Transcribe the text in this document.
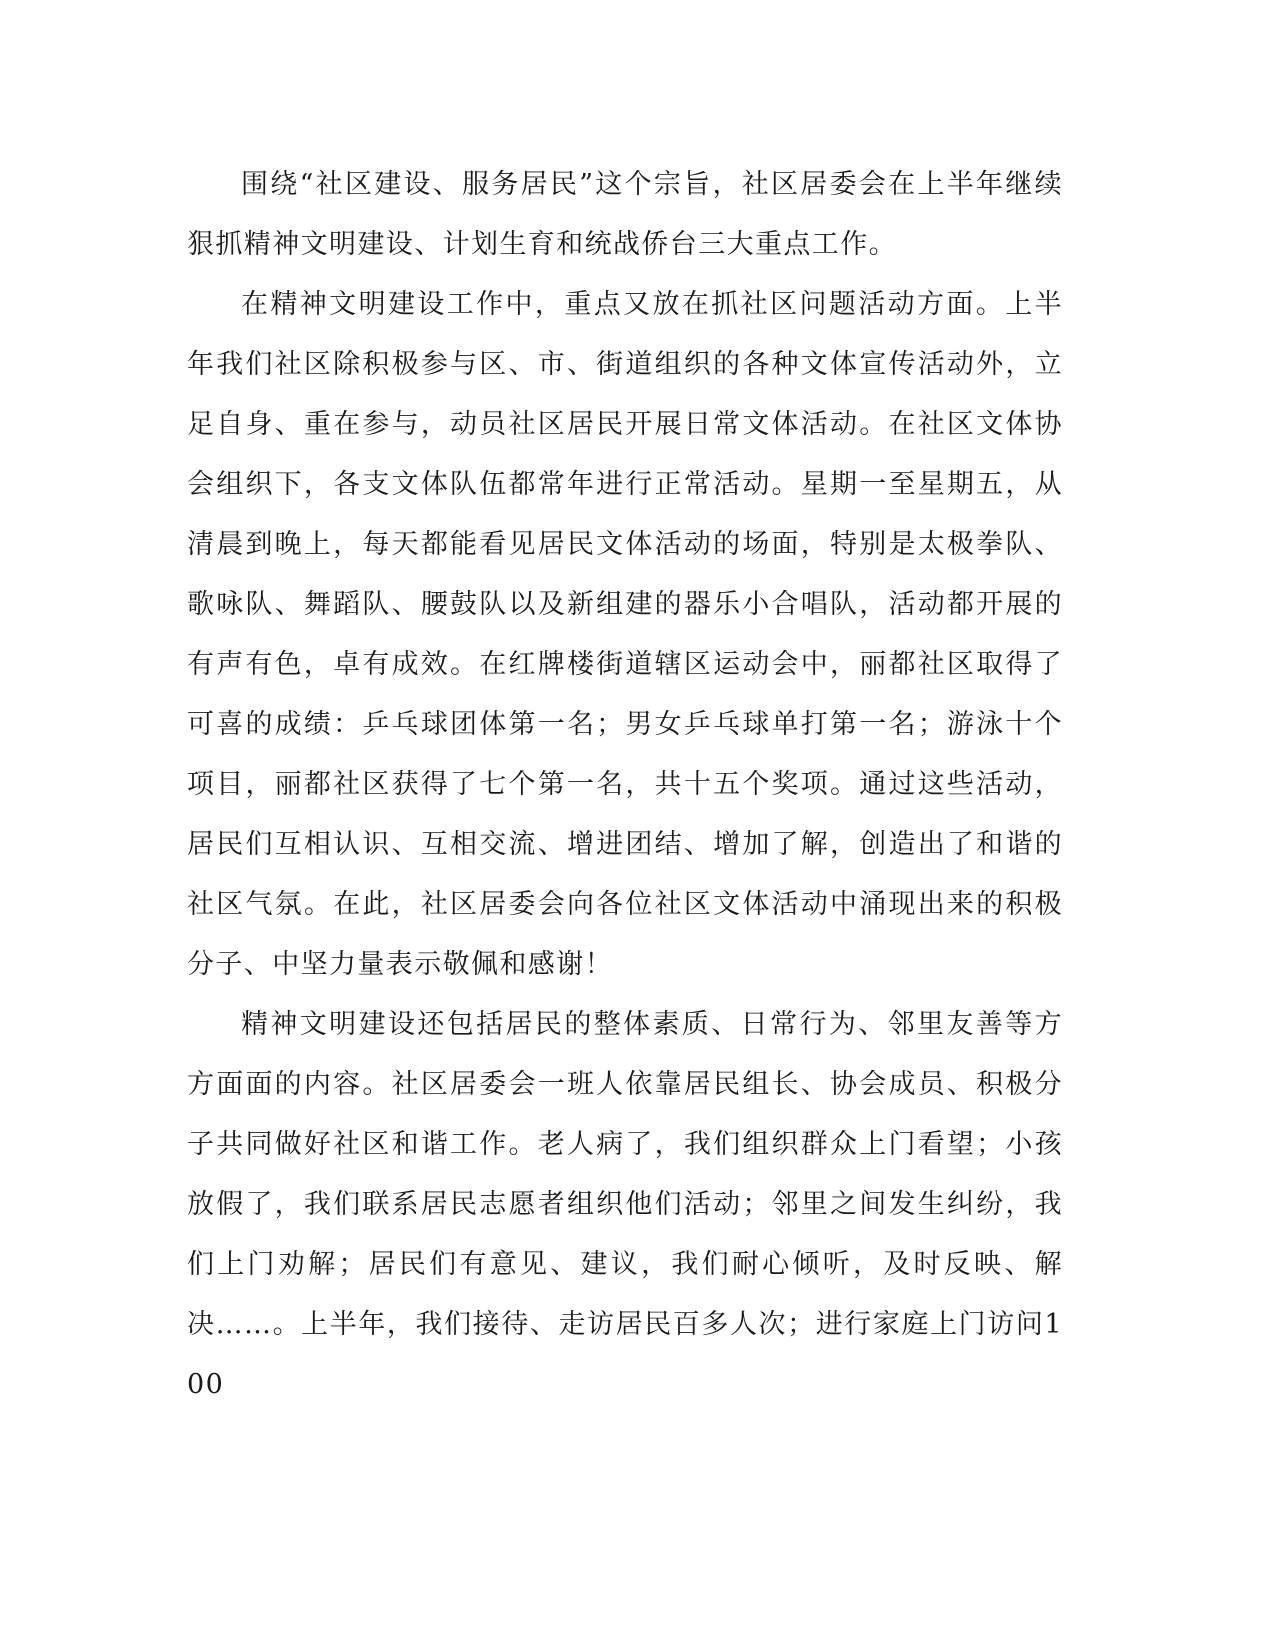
围绕“社区建设、服务居民”这个宗旨，社区居委会在上半年继续狠抓精神文明建设、计划生育和统战侨台三大重点工作。

在精神文明建设工作中，重点又放在抓社区问题活动方面。上半年我们社区除积极参与区、市、街道组织的各种文体宣传活动外，立足自身、重在参与，动员社区居民开展日常文体活动。在社区文体协会组织下，各支文体队伍都常年进行正常活动。星期一至星期五，从清晨到晚上，每天都能看见居民文体活动的场面，特别是太极拳队、歌咏队、舞蹈队、腰鼓队以及新组建的器乐小合唱队，活动都开展的有声有色，卓有成效。在红牌楼街道辖区运动会中，丽都社区取得了可喜的成绩：乒乓球团体第一名；男女乒乓球单打第一名；游泳十个项目，丽都社区获得了七个第一名，共十五个奖项。通过这些活动，居民们互相认识、互相交流、增进团结、增加了解，创造出了和谐的社区气氛。在此，社区居委会向各位社区文体活动中涌现出来的积极分子、中坚力量表示敬佩和感谢！

精神文明建设还包括居民的整体素质、日常行为、邻里友善等方方面面的内容。社区居委会一班人依靠居民组长、协会成员、积极分子共同做好社区和谐工作。老人病了，我们组织群众上门看望；小孩放假了，我们联系居民志愿者组织他们活动；邻里之间发生纠纷，我们上门劝解；居民们有意见、建议，我们耐心倾听，及时反映、解决……。上半年，我们接待、走访居民百多人次；进行家庭上门访问100
